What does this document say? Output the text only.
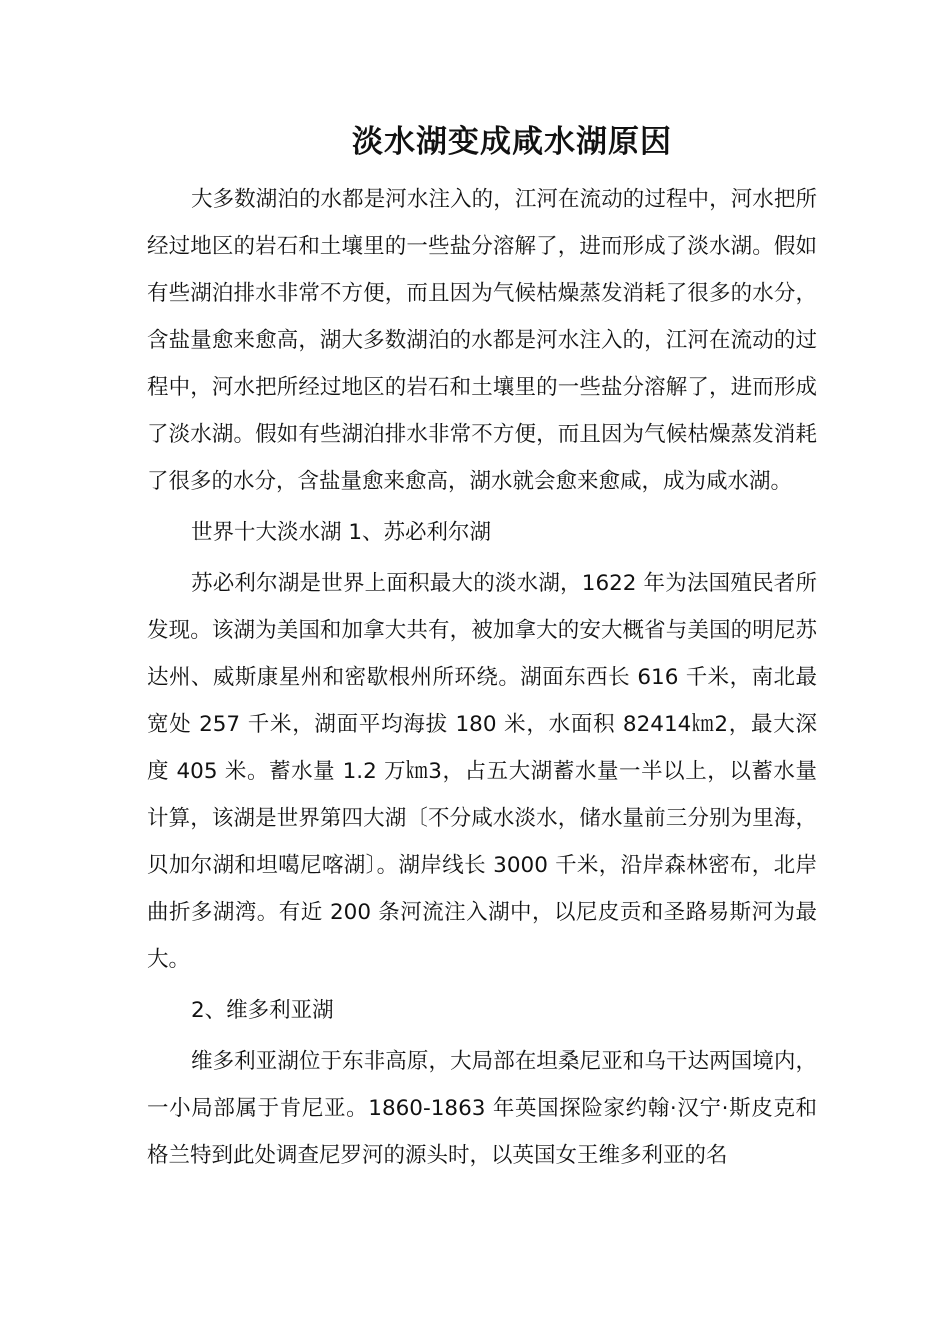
淡水湖变成咸水湖原因

大多数湖泊的水都是河水注入的，江河在流动的过程中，河水把所经过地区的岩石和土壤里的一些盐分溶解了，进而形成了淡水湖。假如有些湖泊排水非常不方便，而且因为气候枯燥蒸发消耗了很多的水分，含盐量愈来愈高，湖大多数湖泊的水都是河水注入的，江河在流动的过程中，河水把所经过地区的岩石和土壤里的一些盐分溶解了，进而形成了淡水湖。假如有些湖泊排水非常不方便，而且因为气候枯燥蒸发消耗了很多的水分，含盐量愈来愈高，湖水就会愈来愈咸，成为咸水湖。

世界十大淡水湖 1、苏必利尔湖

苏必利尔湖是世界上面积最大的淡水湖，1622 年为法国殖民者所发现。该湖为美国和加拿大共有，被加拿大的安大概省与美国的明尼苏达州、威斯康星州和密歇根州所环绕。湖面东西长 616 千米，南北最宽处 257 千米，湖面平均海拔 180 米，水面积 82414㎞2，最大深度 405 米。蓄水量 1.2 万㎞3，占五大湖蓄水量一半以上，以蓄水量计算，该湖是世界第四大湖〔不分咸水淡水，储水量前三分别为里海，贝加尔湖和坦噶尼喀湖〕。湖岸线长 3000 千米，沿岸森林密布，北岸曲折多湖湾。有近 200 条河流注入湖中，以尼皮贡和圣路易斯河为最大。

2、维多利亚湖

维多利亚湖位于东非高原，大局部在坦桑尼亚和乌干达两国境内，一小局部属于肯尼亚。1860-1863 年英国探险家约翰·汉宁·斯皮克和格兰特到此处调查尼罗河的源头时，以英国女王维多利亚的名
